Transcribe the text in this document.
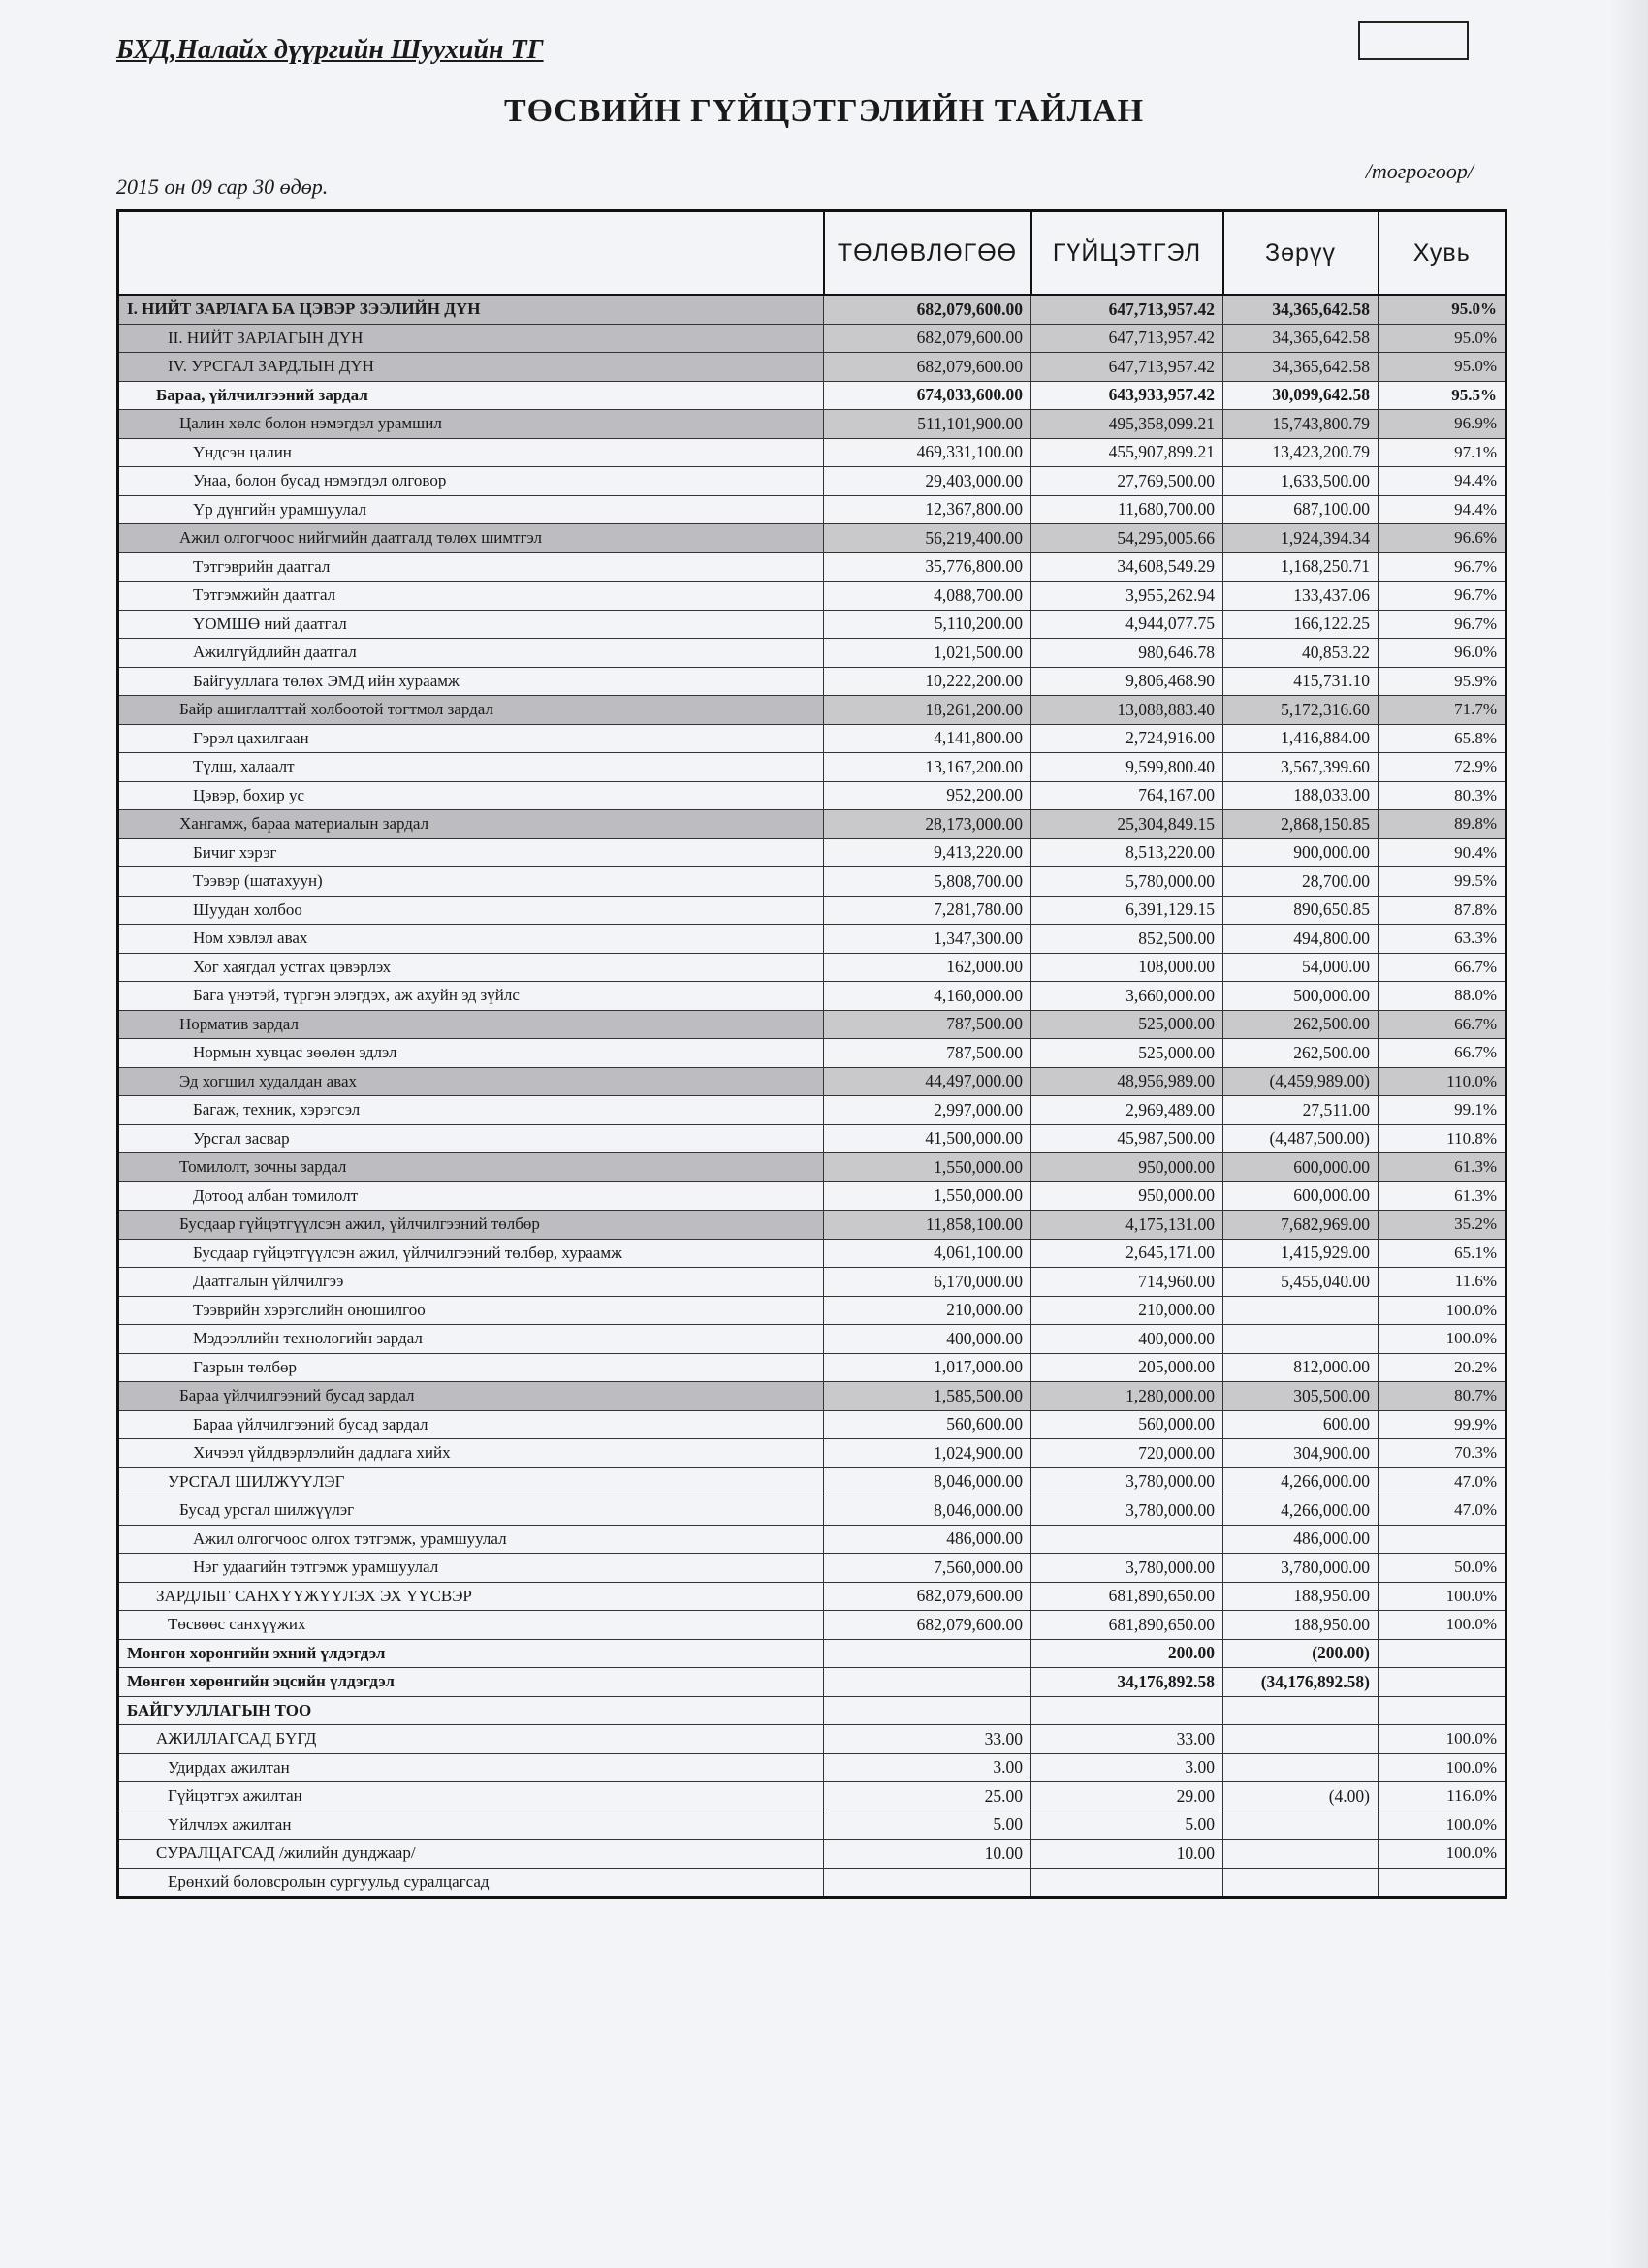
БХД,Налайх дүүргийн Шуухийн ТГ
ТӨСВИЙН ГҮЙЦЭТГЭЛИЙН ТАЙЛАН
2015 он 09 сар 30 өдөр.
/төгрөгөөр/
	ТӨЛӨВЛӨГӨӨ	ГҮЙЦЭТГЭЛ	Зөрүү	Хувь
I. НИЙТ ЗАРЛАГА БА ЦЭВЭР ЗЭЭЛИЙН ДҮН	682,079,600.00	647,713,957.42	34,365,642.58	95.0%
II. НИЙТ ЗАРЛАГЫН ДҮН	682,079,600.00	647,713,957.42	34,365,642.58	95.0%
IV. УРСГАЛ ЗАРДЛЫН ДҮН	682,079,600.00	647,713,957.42	34,365,642.58	95.0%
Бараа, үйлчилгээний зардал	674,033,600.00	643,933,957.42	30,099,642.58	95.5%
Цалин хөлс болон нэмэгдэл урамшил	511,101,900.00	495,358,099.21	15,743,800.79	96.9%
Үндсэн цалин	469,331,100.00	455,907,899.21	13,423,200.79	97.1%
Унаа, болон бусад нэмэгдэл олговор	29,403,000.00	27,769,500.00	1,633,500.00	94.4%
Үр дүнгийн урамшуулал	12,367,800.00	11,680,700.00	687,100.00	94.4%
Ажил олгогчоос нийгмийн даатгалд төлөх шимтгэл	56,219,400.00	54,295,005.66	1,924,394.34	96.6%
Тэтгэврийн даатгал	35,776,800.00	34,608,549.29	1,168,250.71	96.7%
Тэтгэмжийн даатгал	4,088,700.00	3,955,262.94	133,437.06	96.7%
ҮОМШӨ ний даатгал	5,110,200.00	4,944,077.75	166,122.25	96.7%
Ажилгүйдлийн даатгал	1,021,500.00	980,646.78	40,853.22	96.0%
Байгууллага төлөх ЭМД ийн хураамж	10,222,200.00	9,806,468.90	415,731.10	95.9%
Байр ашиглалттай холбоотой тогтмол зардал	18,261,200.00	13,088,883.40	5,172,316.60	71.7%
Гэрэл цахилгаан	4,141,800.00	2,724,916.00	1,416,884.00	65.8%
Түлш, халаалт	13,167,200.00	9,599,800.40	3,567,399.60	72.9%
Цэвэр, бохир ус	952,200.00	764,167.00	188,033.00	80.3%
Хангамж, бараа материалын зардал	28,173,000.00	25,304,849.15	2,868,150.85	89.8%
Бичиг хэрэг	9,413,220.00	8,513,220.00	900,000.00	90.4%
Тээвэр (шатахуун)	5,808,700.00	5,780,000.00	28,700.00	99.5%
Шуудан холбоо	7,281,780.00	6,391,129.15	890,650.85	87.8%
Ном хэвлэл авах	1,347,300.00	852,500.00	494,800.00	63.3%
Хог хаягдал устгах цэвэрлэх	162,000.00	108,000.00	54,000.00	66.7%
Бага үнэтэй, түргэн элэгдэх, аж ахуйн эд зүйлс	4,160,000.00	3,660,000.00	500,000.00	88.0%
Норматив зардал	787,500.00	525,000.00	262,500.00	66.7%
Нормын хувцас зөөлөн эдлэл	787,500.00	525,000.00	262,500.00	66.7%
Эд хогшил худалдан авах	44,497,000.00	48,956,989.00	(4,459,989.00)	110.0%
Багаж, техник, хэрэгсэл	2,997,000.00	2,969,489.00	27,511.00	99.1%
Урсгал засвар	41,500,000.00	45,987,500.00	(4,487,500.00)	110.8%
Томилолт, зочны зардал	1,550,000.00	950,000.00	600,000.00	61.3%
Дотоод албан томилолт	1,550,000.00	950,000.00	600,000.00	61.3%
Бусдаар гүйцэтгүүлсэн ажил, үйлчилгээний төлбөр	11,858,100.00	4,175,131.00	7,682,969.00	35.2%
Бусдаар гүйцэтгүүлсэн ажил, үйлчилгээний төлбөр, хураамж	4,061,100.00	2,645,171.00	1,415,929.00	65.1%
Даатгалын үйлчилгээ	6,170,000.00	714,960.00	5,455,040.00	11.6%
Тээврийн хэрэгслийн оношилгоо	210,000.00	210,000.00		100.0%
Мэдээллийн технологийн зардал	400,000.00	400,000.00		100.0%
Газрын төлбөр	1,017,000.00	205,000.00	812,000.00	20.2%
Бараа үйлчилгээний бусад зардал	1,585,500.00	1,280,000.00	305,500.00	80.7%
Бараа үйлчилгээний бусад зардал	560,600.00	560,000.00	600.00	99.9%
Хичээл үйлдвэрлэлийн дадлага хийх	1,024,900.00	720,000.00	304,900.00	70.3%
УРСГАЛ ШИЛЖҮҮЛЭГ	8,046,000.00	3,780,000.00	4,266,000.00	47.0%
Бусад урсгал шилжүүлэг	8,046,000.00	3,780,000.00	4,266,000.00	47.0%
Ажил олгогчоос олгох тэтгэмж, урамшуулал	486,000.00		486,000.00	
Нэг удаагийн тэтгэмж урамшуулал	7,560,000.00	3,780,000.00	3,780,000.00	50.0%
ЗАРДЛЫГ САНХҮҮЖҮҮЛЭХ ЭХ ҮҮСВЭР	682,079,600.00	681,890,650.00	188,950.00	100.0%
Төсвөөс санхүүжих	682,079,600.00	681,890,650.00	188,950.00	100.0%
Мөнгөн хөрөнгийн эхний үлдэгдэл		200.00	(200.00)	
Мөнгөн хөрөнгийн эцсийн үлдэгдэл		34,176,892.58	(34,176,892.58)	
БАЙГУУЛЛАГЫН ТОО				
АЖИЛЛАГСАД БҮГД	33.00	33.00		100.0%
Удирдах ажилтан	3.00	3.00		100.0%
Гүйцэтгэх ажилтан	25.00	29.00	(4.00)	116.0%
Үйлчлэх ажилтан	5.00	5.00		100.0%
СУРАЛЦАГСАД /жилийн дунджаар/	10.00	10.00		100.0%
Ерөнхий боловсролын сургуульд суралцагсад				
